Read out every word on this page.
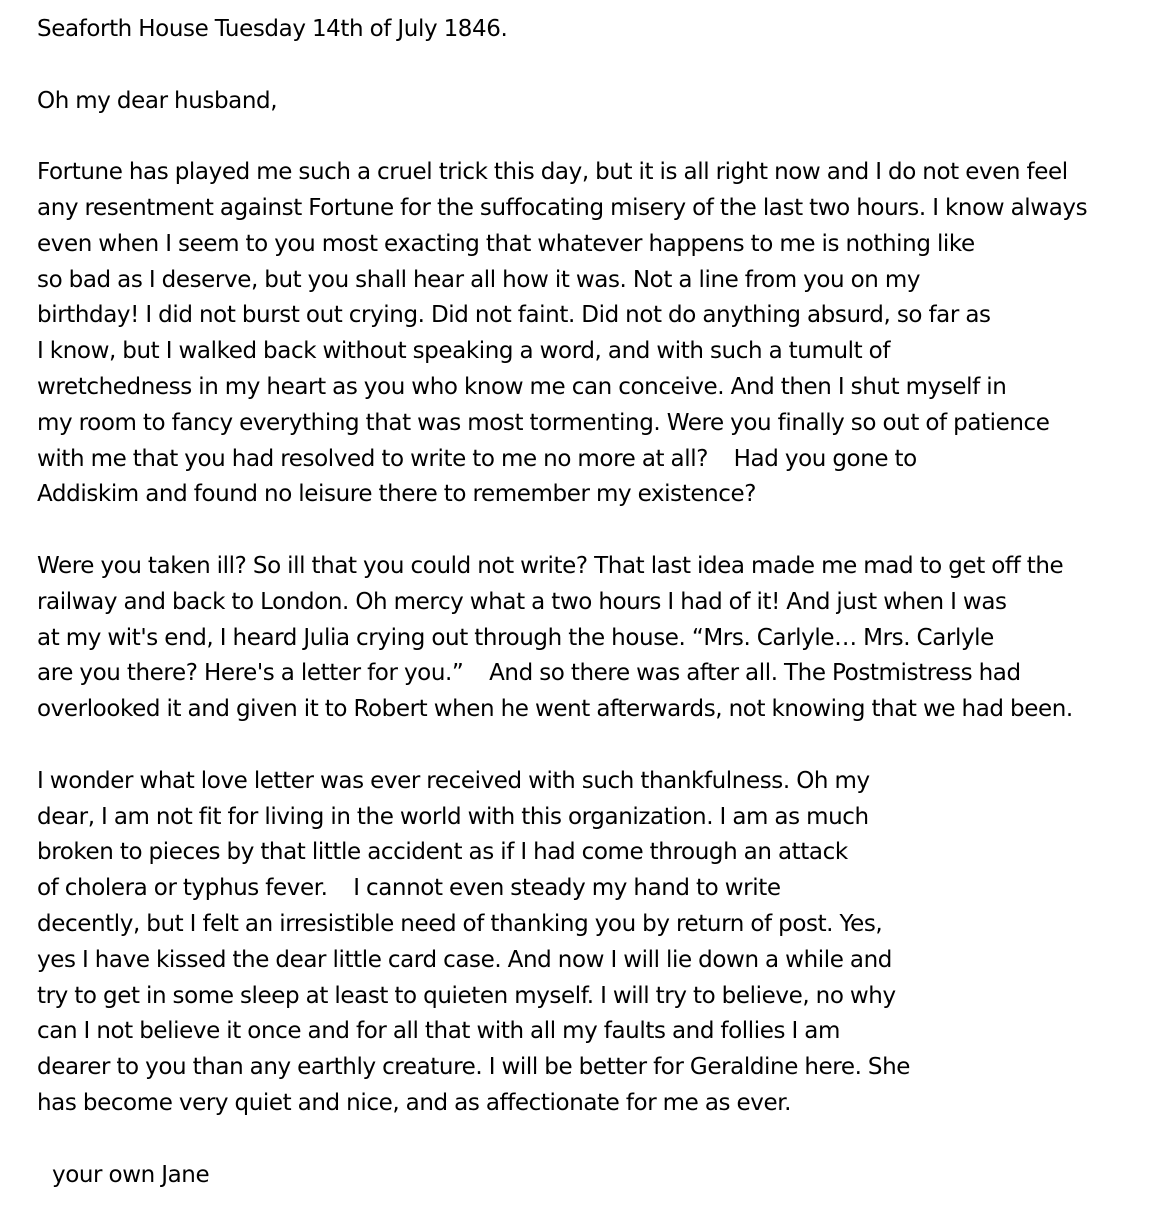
Seaforth House Tuesday 14th of July 1846.
Oh my dear husband,
Fortune has played me such a cruel trick this day, but it is all right now and I do not even feel
any resentment against Fortune for the suffocating misery of the last two hours. I know always
even when I seem to you most exacting that whatever happens to me is nothing like
so bad as I deserve, but you shall hear all how it was. Not a line from you on my
birthday! I did not burst out crying. Did not faint. Did not do anything absurd, so far as
I know, but I walked back without speaking a word, and with such a tumult of
wretchedness in my heart as you who know me can conceive. And then I shut myself in
my room to fancy everything that was most tormenting. Were you finally so out of patience
with me that you had resolved to write to me no more at all?    Had you gone to
Addiskim and found no leisure there to remember my existence?
Were you taken ill? So ill that you could not write? That last idea made me mad to get off the
railway and back to London. Oh mercy what a two hours I had of it! And just when I was
at my wit's end, I heard Julia crying out through the house. “Mrs. Carlyle… Mrs. Carlyle
are you there? Here's a letter for you.”    And so there was after all. The Postmistress had
overlooked it and given it to Robert when he went afterwards, not knowing that we had been.
I wonder what love letter was ever received with such thankfulness. Oh my
dear, I am not fit for living in the world with this organization. I am as much
broken to pieces by that little accident as if I had come through an attack
of cholera or typhus fever.    I cannot even steady my hand to write
decently, but I felt an irresistible need of thanking you by return of post. Yes,
yes I have kissed the dear little card case. And now I will lie down a while and
try to get in some sleep at least to quieten myself. I will try to believe, no why
can I not believe it once and for all that with all my faults and follies I am
dearer to you than any earthly creature. I will be better for Geraldine here. She
has become very quiet and nice, and as affectionate for me as ever.
your own Jane
